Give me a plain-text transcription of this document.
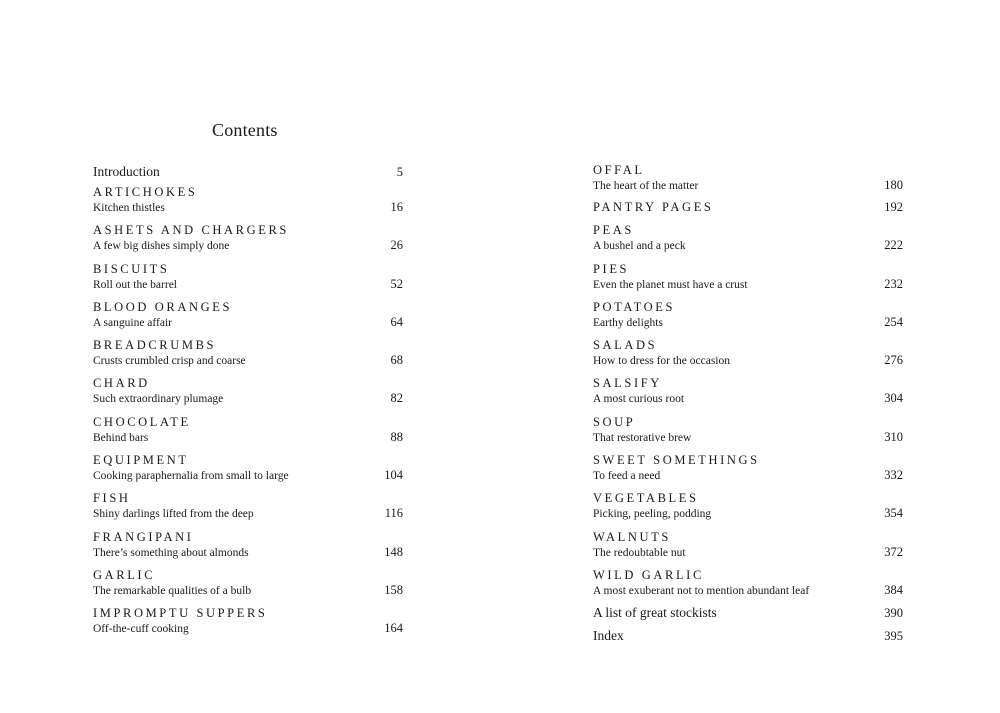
Contents
Introduction	5
ARTICHOKES
Kitchen thistles	16
ASHETS AND CHARGERS
A few big dishes simply done	26
BISCUITS
Roll out the barrel	52
BLOOD ORANGES
A sanguine affair	64
BREADCRUMBS
Crusts crumbled crisp and coarse	68
CHARD
Such extraordinary plumage	82
CHOCOLATE
Behind bars	88
EQUIPMENT
Cooking paraphernalia from small to large	104
FISH
Shiny darlings lifted from the deep	116
FRANGIPANI
There’s something about almonds	148
GARLIC
The remarkable qualities of a bulb	158
IMPROMPTU SUPPERS
Off-the-cuff cooking	164
OFFAL
The heart of the matter	180
PANTRY PAGES	192
PEAS
A bushel and a peck	222
PIES
Even the planet must have a crust	232
POTATOES
Earthy delights	254
SALADS
How to dress for the occasion	276
SALSIFY
A most curious root	304
SOUP
That restorative brew	310
SWEET SOMETHINGS
To feed a need	332
VEGETABLES
Picking, peeling, podding	354
WALNUTS
The redoubtable nut	372
WILD GARLIC
A most exuberant not to mention abundant leaf	384
A list of great stockists	390
Index	395
